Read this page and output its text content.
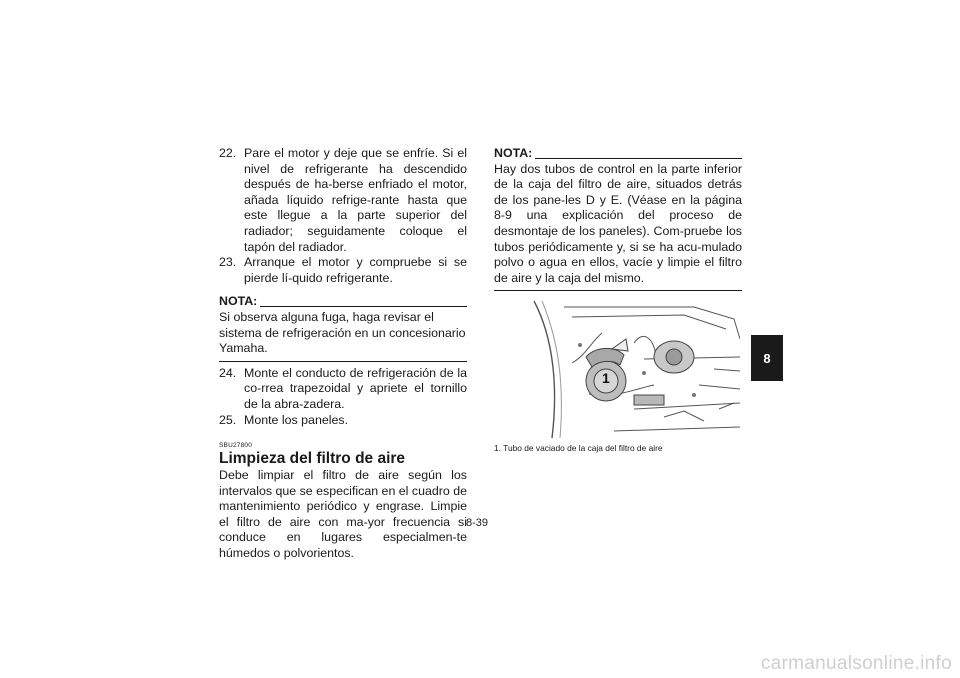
22. Pare el motor y deje que se enfríe. Si el nivel de refrigerante ha descendido después de ha-berse enfriado el motor, añada líquido refrige-rante hasta que este llegue a la parte superior del radiador; seguidamente coloque el tapón del radiador.
23. Arranque el motor y compruebe si se pierde lí-quido refrigerante.
NOTA:
Si observa alguna fuga, haga revisar el sistema de refrigeración en un concesionario Yamaha.
24. Monte el conducto de refrigeración de la co-rrea trapezoidal y apriete el tornillo de la abra-zadera.
25. Monte los paneles.
SBU27800
Limpieza del filtro de aire
Debe limpiar el filtro de aire según los intervalos que se especifican en el cuadro de mantenimiento periódico y engrase. Limpie el filtro de aire con ma-yor frecuencia si conduce en lugares especialmen-te húmedos o polvorientos.
NOTA:
Hay dos tubos de control en la parte inferior de la caja del filtro de aire, situados detrás de los pane-les D y E. (Véase en la página 8-9 una explicación del proceso de desmontaje de los paneles). Com-pruebe los tubos periódicamente y, si se ha acu-mulado polvo o agua en ellos, vacíe y limpie el filtro de aire y la caja del mismo.
1
1. Tubo de vaciado de la caja del filtro de aire
8
8-39
carmanualsonline.info
